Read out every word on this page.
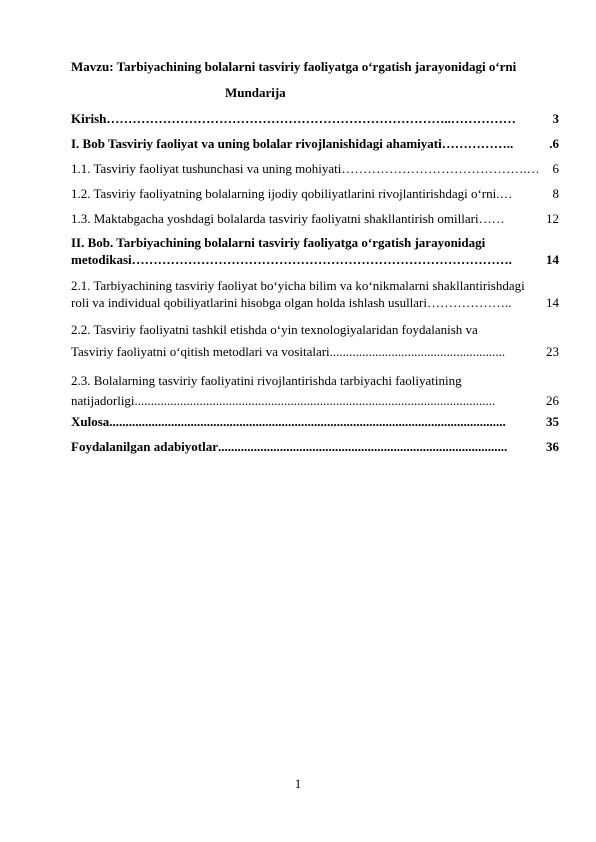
Mavzu: Tarbiyachining bolalarni tasviriy faoliyatga o‘rgatish jarayonidagi o‘rni
Mundarija
Kirish ……………………………………………………………………..……………	3
I. Bob Tasviriy faoliyat va uning bolalar rivojlanishidagi ahamiyati ……………..	.6
1.1. Tasviriy faoliyat tushunchasi va uning mohiyati …………………………………….… 6
1.2. Tasviriy faoliyatning bolalarning ijodiy qobiliyatlarini rivojlantirishdagi o‘rni. …	8
1.3. Maktabgacha yoshdagi bolalarda tasviriy faoliyatni shakllantirish omillari ……	12
II. Bob. Tarbiyachining bolalarni tasviriy faoliyatga o‘rgatish jarayonidagi
metodikasi …………………………………………………………………………….	14
2.1. Tarbiyachining tasviriy faoliyat bo‘yicha bilim va ko‘nikmalarni shakllantirishdagi
roli va individual qobiliyatlarini hisobga olgan holda ishlash usullari ………………..	14
2.2. Tasviriy faoliyatni tashkil etishda o‘yin texnologiyalaridan foydalanish va
Tasviriy faoliyatni o‘qitish metodlari va vositalari ......................................................	23
2.3. Bolalarning tasviriy faoliyatini rivojlantirishda tarbiyachi faoliyatining
natijadorligi ...............................................................................................................	26
Xulosa ..........................................................................................................................	35
Foydalanilgan adabiyotlar .........................................................................................	36
1
